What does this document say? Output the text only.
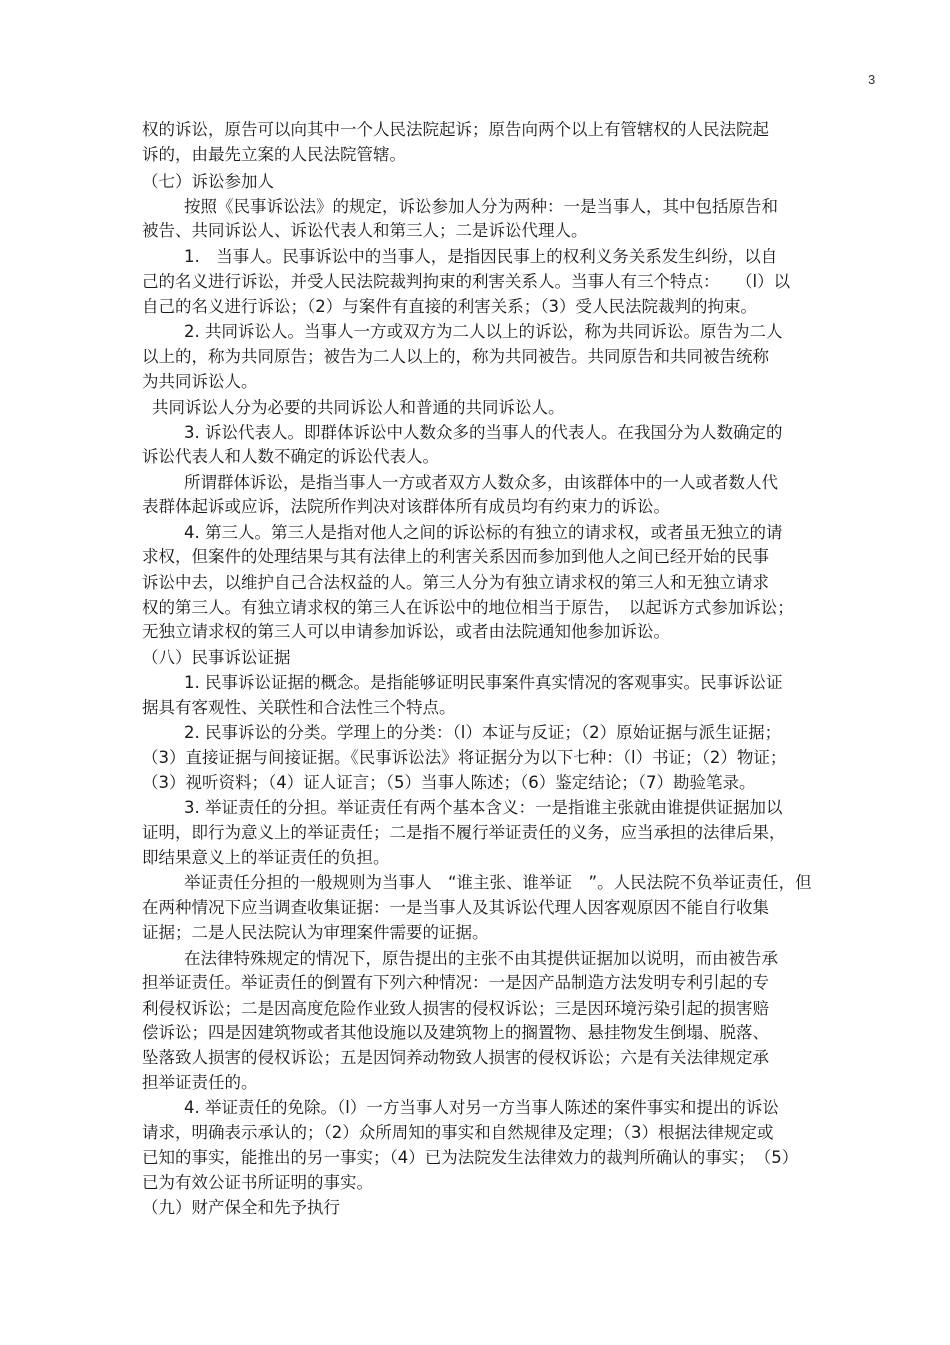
3
权的诉讼，原告可以向其中一个人民法院起诉；原告向两个以上有管辖权的人民法院起
诉的，由最先立案的人民法院管辖。
（七）诉讼参加人
按照《民事诉讼法》的规定，诉讼参加人分为两种：一是当事人，其中包括原告和
被告、共同诉讼人、诉讼代表人和第三人；二是诉讼代理人。
1.　当事人。民事诉讼中的当事人，是指因民事上的权利义务关系发生纠纷，以自
己的名义进行诉讼，并受人民法院裁判拘束的利害关系人。当事人有三个特点：　　（l）以
自己的名义进行诉讼；（2）与案件有直接的利害关系；（3）受人民法院裁判的拘束。
2. 共同诉讼人。当事人一方或双方为二人以上的诉讼，称为共同诉讼。原告为二人
以上的，称为共同原告；被告为二人以上的，称为共同被告。共同原告和共同被告统称
为共同诉讼人。
共同诉讼人分为必要的共同诉讼人和普通的共同诉讼人。
3. 诉讼代表人。即群体诉讼中人数众多的当事人的代表人。在我国分为人数确定的
诉讼代表人和人数不确定的诉讼代表人。
所谓群体诉讼，是指当事人一方或者双方人数众多，由该群体中的一人或者数人代
表群体起诉或应诉，法院所作判决对该群体所有成员均有约束力的诉讼。
4. 第三人。第三人是指对他人之间的诉讼标的有独立的请求权，或者虽无独立的请
求权，但案件的处理结果与其有法律上的利害关系因而参加到他人之间已经开始的民事
诉讼中去，以维护自己合法权益的人。第三人分为有独立请求权的第三人和无独立请求
权的第三人。有独立请求权的第三人在诉讼中的地位相当于原告，　以起诉方式参加诉讼；
无独立请求权的第三人可以申请参加诉讼，或者由法院通知他参加诉讼。
（八）民事诉讼证据
1. 民事诉讼证据的概念。是指能够证明民事案件真实情况的客观事实。民事诉讼证
据具有客观性、关联性和合法性三个特点。
2. 民事诉讼的分类。学理上的分类：（l）本证与反证；（2）原始证据与派生证据；
（3）直接证据与间接证据。《民事诉讼法》将证据分为以下七种：（l）书证；（2）物证；
（3）视听资料；（4）证人证言；（5）当事人陈述；（6）鉴定结论；（7）勘验笔录。
3. 举证责任的分担。举证责任有两个基本含义：一是指谁主张就由谁提供证据加以
证明，即行为意义上的举证责任；二是指不履行举证责任的义务，应当承担的法律后果，
即结果意义上的举证责任的负担。
举证责任分担的一般规则为当事人　“谁主张、谁举证　”。人民法院不负举证责任，但
在两种情况下应当调查收集证据：一是当事人及其诉讼代理人因客观原因不能自行收集
证据；二是人民法院认为审理案件需要的证据。
在法律特殊规定的情况下，原告提出的主张不由其提供证据加以说明，而由被告承
担举证责任。举证责任的倒置有下列六种情况：一是因产品制造方法发明专利引起的专
利侵权诉讼；二是因高度危险作业致人损害的侵权诉讼；三是因环境污染引起的损害赔
偿诉讼；四是因建筑物或者其他设施以及建筑物上的搁置物、悬挂物发生倒塌、脱落、
坠落致人损害的侵权诉讼；五是因饲养动物致人损害的侵权诉讼；六是有关法律规定承
担举证责任的。
4. 举证责任的免除。（l）一方当事人对另一方当事人陈述的案件事实和提出的诉讼
请求，明确表示承认的；（2）众所周知的事实和自然规律及定理；（3）根据法律规定或
已知的事实，能推出的另一事实；（4）已为法院发生法律效力的裁判所确认的事实；　（5）
已为有效公证书所证明的事实。
（九）财产保全和先予执行
